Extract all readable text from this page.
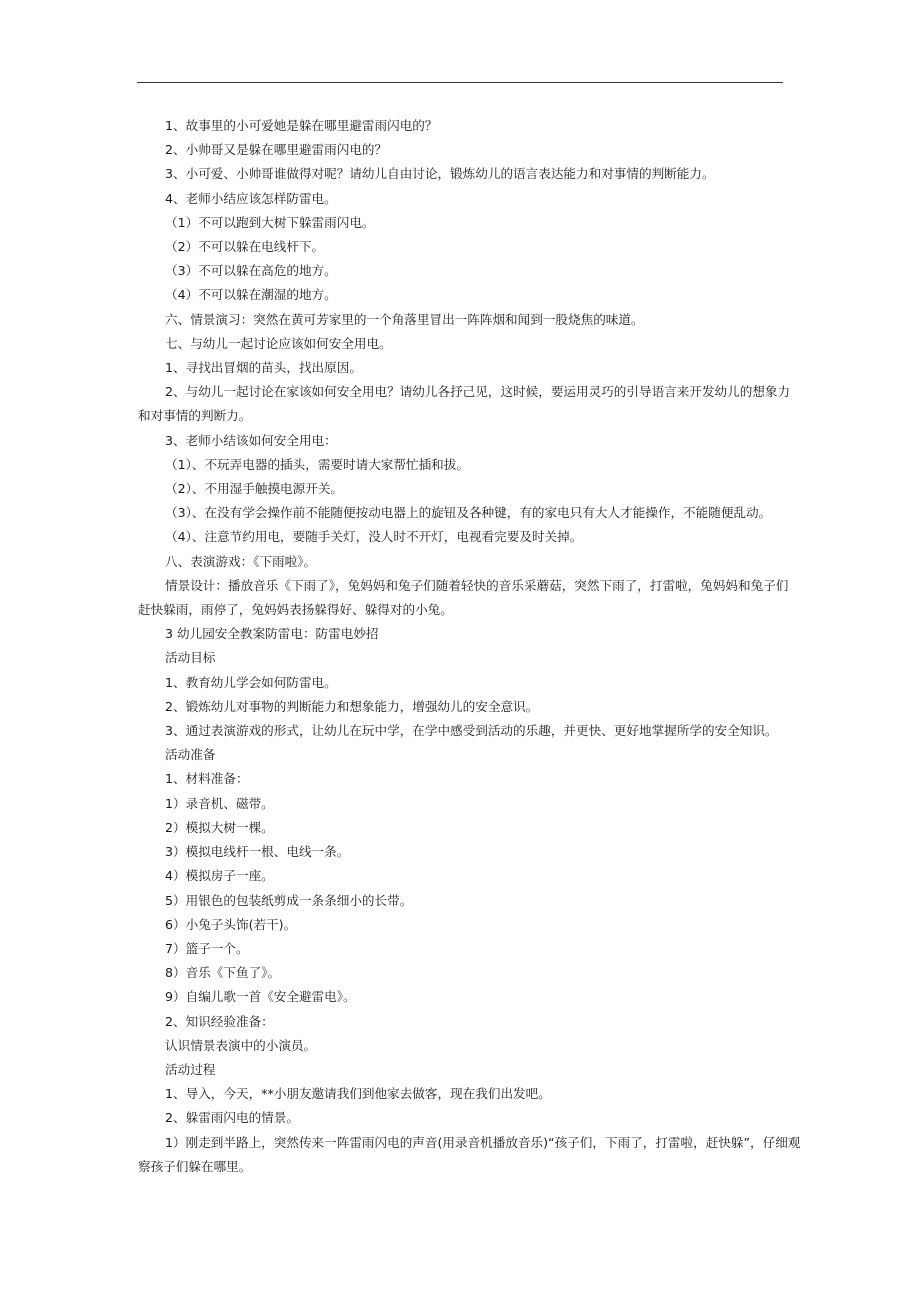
1、故事里的小可爱她是躲在哪里避雷雨闪电的？

2、小帅哥又是躲在哪里避雷雨闪电的？

3、小可爱、小帅哥谁做得对呢？请幼儿自由讨论，锻炼幼儿的语言表达能力和对事情的判断能力。

4、老师小结应该怎样防雷电。

（1）不可以跑到大树下躲雷雨闪电。

（2）不可以躲在电线杆下。

（3）不可以躲在高危的地方。

（4）不可以躲在潮湿的地方。

六、情景演习：突然在黄可芳家里的一个角落里冒出一阵阵烟和闻到一股烧焦的味道。

七、与幼儿一起讨论应该如何安全用电。

1、寻找出冒烟的苗头，找出原因。

2、与幼儿一起讨论在家该如何安全用电？请幼儿各抒己见，这时候，要运用灵巧的引导语言来开发幼儿的想象力

和对事情的判断力。

3、老师小结该如何安全用电：

（1）、不玩弄电器的插头，需要时请大家帮忙插和拔。

（2）、不用湿手触摸电源开关。

（3）、在没有学会操作前不能随便按动电器上的旋钮及各种键，有的家电只有大人才能操作，不能随便乱动。

（4）、注意节约用电，要随手关灯，没人时不开灯，电视看完要及时关掉。

八、表演游戏：《下雨啦》。

情景设计：播放音乐《下雨了》，兔妈妈和兔子们随着轻快的音乐采蘑菇，突然下雨了，打雷啦，兔妈妈和兔子们

赶快躲雨，雨停了，兔妈妈表扬躲得好、躲得对的小兔。

3 幼儿园安全教案防雷电：防雷电妙招

活动目标

1、教育幼儿学会如何防雷电。

2、锻炼幼儿对事物的判断能力和想象能力，增强幼儿的安全意识。

3、通过表演游戏的形式，让幼儿在玩中学，在学中感受到活动的乐趣，并更快、更好地掌握所学的安全知识。

活动准备

1、材料准备：

1）录音机、磁带。

2）模拟大树一棵。

3）模拟电线杆一根、电线一条。

4）模拟房子一座。

5）用银色的包装纸剪成一条条细小的长带。

6）小兔子头饰(若干)。

7）篮子一个。

8）音乐《下鱼了》。

9）自编儿歌一首《安全避雷电》。

2、知识经验准备：

认识情景表演中的小演员。

活动过程

1、导入，今天，**小朋友邀请我们到他家去做客，现在我们出发吧。

2、躲雷雨闪电的情景。

1）刚走到半路上，突然传来一阵雷雨闪电的声音(用录音机播放音乐)“孩子们，下雨了，打雷啦，赶快躲”，仔细观

察孩子们躲在哪里。
